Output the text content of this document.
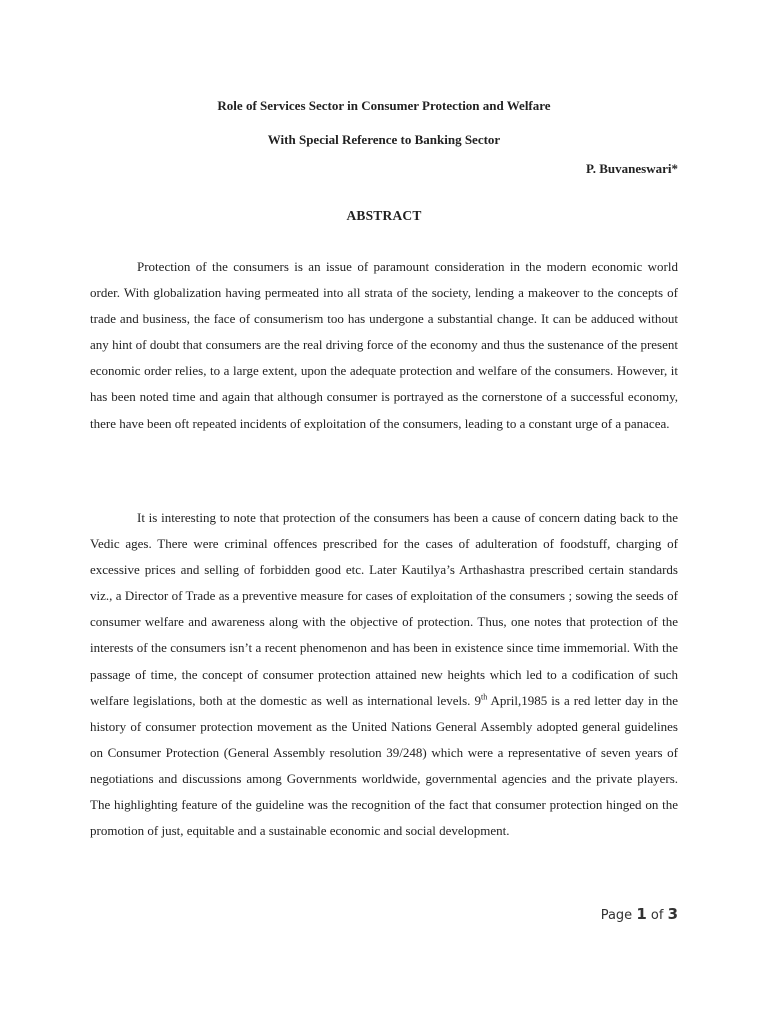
Role of Services Sector in Consumer Protection and Welfare
With Special Reference to Banking Sector
P. Buvaneswari*
ABSTRACT

Protection of the consumers is an issue of paramount consideration in the modern economic world order. With globalization having permeated into all strata of the society, lending a makeover to the concepts of trade and business, the face of consumerism too has undergone a substantial change. It can be adduced without any hint of doubt that consumers are the real driving force of the economy and thus the sustenance of the present economic order relies, to a large extent, upon the adequate protection and welfare of the consumers. However, it has been noted time and again that although consumer is portrayed as the cornerstone of a successful economy, there have been oft repeated incidents of exploitation of the consumers, leading to a constant urge of a panacea.

It is interesting to note that protection of the consumers has been a cause of concern dating back to the Vedic ages. There were criminal offences prescribed for the cases of adulteration of foodstuff, charging of excessive prices and selling of forbidden good etc. Later Kautilya’s Arthashastra prescribed certain standards viz., a Director of Trade as a preventive measure for cases of exploitation of the consumers ; sowing the seeds of consumer welfare and awareness along with the objective of protection. Thus, one notes that protection of the interests of the consumers isn’t a recent phenomenon and has been in existence since time immemorial. With the passage of time, the concept of consumer protection attained new heights which led to a codification of such welfare legislations, both at the domestic as well as international levels. 9th April,1985 is a red letter day in the history of consumer protection movement as the United Nations General Assembly adopted general guidelines on Consumer Protection (General Assembly resolution 39/248) which were a representative of seven years of negotiations and discussions among Governments worldwide, governmental agencies and the private players. The highlighting feature of the guideline was the recognition of the fact that consumer protection hinged on the promotion of just, equitable and a sustainable economic and social development.

Page 1 of 3
